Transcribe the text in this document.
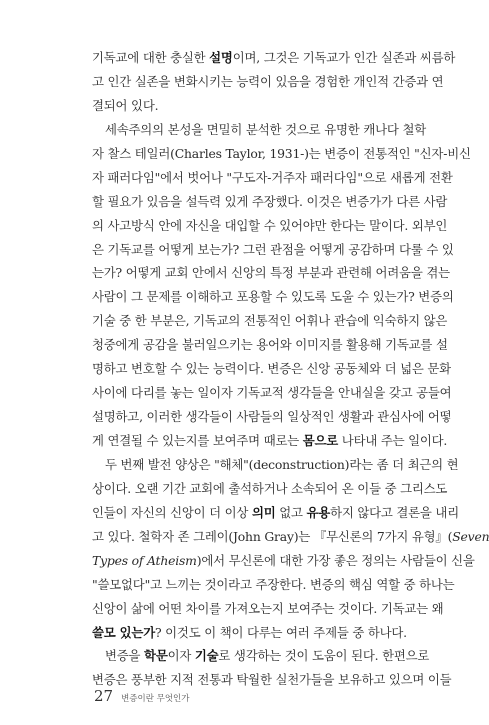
기독교에 대한 충실한 설명이며, 그것은 기독교가 인간 실존과 씨름하
고 인간 실존을 변화시키는 능력이 있음을 경험한 개인적 간증과 연
결되어 있다.
세속주의의 본성을 면밀히 분석한 것으로 유명한 캐나다 철학
자 찰스 테일러(Charles Taylor, 1931-)는 변증이 전통적인 "신자-비신
자 패러다임"에서 벗어나 "구도자-거주자 패러다임"으로 새롭게 전환
할 필요가 있음을 설득력 있게 주장했다. 이것은 변증가가 다른 사람
의 사고방식 안에 자신을 대입할 수 있어야만 한다는 말이다. 외부인
은 기독교를 어떻게 보는가? 그런 관점을 어떻게 공감하며 다룰 수 있
는가? 어떻게 교회 안에서 신앙의 특정 부분과 관련해 어려움을 겪는
사람이 그 문제를 이해하고 포용할 수 있도록 도울 수 있는가? 변증의
기술 중 한 부분은, 기독교의 전통적인 어휘나 관습에 익숙하지 않은
청중에게 공감을 불러일으키는 용어와 이미지를 활용해 기독교를 설
명하고 변호할 수 있는 능력이다. 변증은 신앙 공동체와 더 넓은 문화
사이에 다리를 놓는 일이자 기독교적 생각들을 안내실을 갖고 공들여
설명하고, 이러한 생각들이 사람들의 일상적인 생활과 관심사에 어떻
게 연결될 수 있는지를 보여주며 때로는 몸으로 나타내 주는 일이다.
두 번째 발전 양상은 "해체"(deconstruction)라는 좀 더 최근의 현
상이다. 오랜 기간 교회에 출석하거나 소속되어 온 이들 중 그리스도
인들이 자신의 신앙이 더 이상 의미 없고 유용하지 않다고 결론을 내리
고 있다. 철학자 존 그레이(John Gray)는 『무신론의 7가지 유형』(Seven
Types of Atheism)에서 무신론에 대한 가장 좋은 정의는 사람들이 신을
"쓸모없다"고 느끼는 것이라고 주장한다. 변증의 핵심 역할 중 하나는
신앙이 삶에 어떤 차이를 가져오는지 보여주는 것이다. 기독교는 왜
쓸모 있는가? 이것도 이 책이 다루는 여러 주제들 중 하나다.
변증을 학문이자 기술로 생각하는 것이 도움이 된다. 한편으로
변증은 풍부한 지적 전통과 탁월한 실천가들을 보유하고 있으며 이들
27 변증이란 무엇인가
